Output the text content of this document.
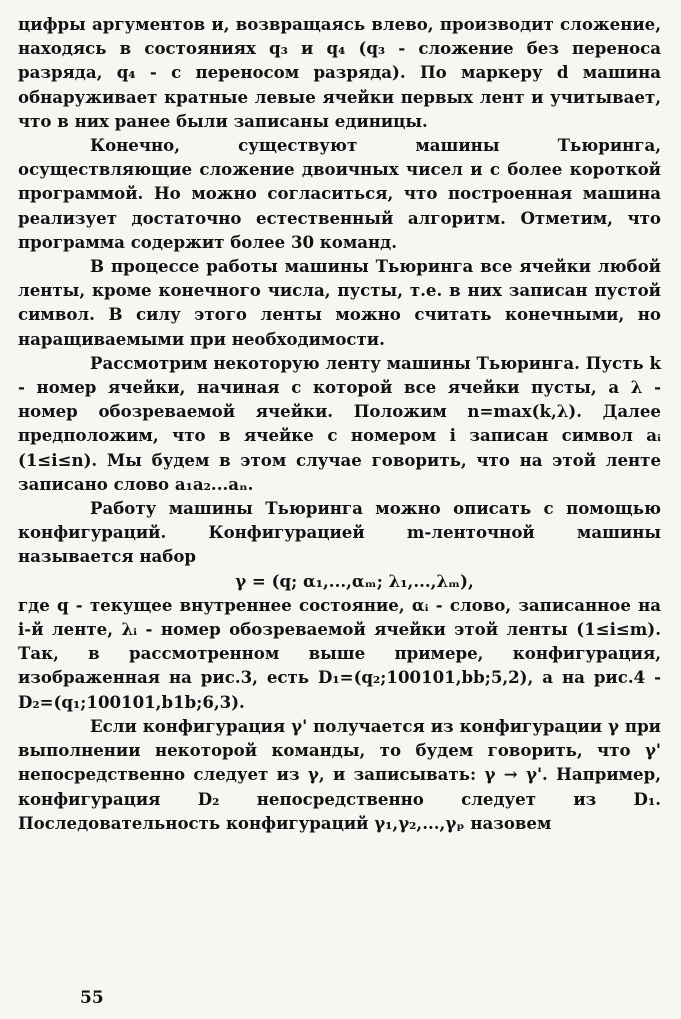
цифры аргументов и, возвращаясь влево, производит сложение, находясь в состояниях q₃ и q₄ (q₃ - сложение без переноса разряда, q₄ - с переносом разряда). По маркеру d машина обнаруживает кратные левые ячейки первых лент и учитывает, что в них ранее были записаны единицы.

Конечно, существуют машины Тьюринга, осуществляющие сложение двоичных чисел и с более короткой программой. Но можно согласиться, что построенная машина реализует достаточно естественный алгоритм. Отметим, что программа содержит более 30 команд.

В процессе работы машины Тьюринга все ячейки любой ленты, кроме конечного числа, пусты, т.е. в них записан пустой символ. В силу этого ленты можно считать конечными, но наращиваемыми при необходимости.

Рассмотрим некоторую ленту машины Тьюринга. Пусть k - номер ячейки, начиная с которой все ячейки пусты, а λ - номер обозреваемой ячейки. Положим n=max(k,λ). Далее предположим, что в ячейке с номером i записан символ aᵢ (1≤i≤n). Мы будем в этом случае говорить, что на этой ленте записано слово a₁a₂...aₙ.

Работу машины Тьюринга можно описать с помощью конфигураций. Конфигурацией m-ленточной машины называется набор

γ = (q; α₁,...,αₘ; λ₁,...,λₘ),

где q - текущее внутреннее состояние, αᵢ - слово, записанное на i-й ленте, λᵢ - номер обозреваемой ячейки этой ленты (1≤i≤m). Так, в рассмотренном выше примере, конфигурация, изображенная на рис.3, есть D₁=(q₂;100101,bb;5,2), а на рис.4 - D₂=(q₁;100101,b1b;6,3).

Если конфигурация γ' получается из конфигурации γ при выполнении некоторой команды, то будем говорить, что γ' непосредственно следует из γ, и записывать: γ → γ'. Например, конфигурация D₂ непосредственно следует из D₁. Последовательность конфигураций γ₁,γ₂,...,γₚ назовем

55
